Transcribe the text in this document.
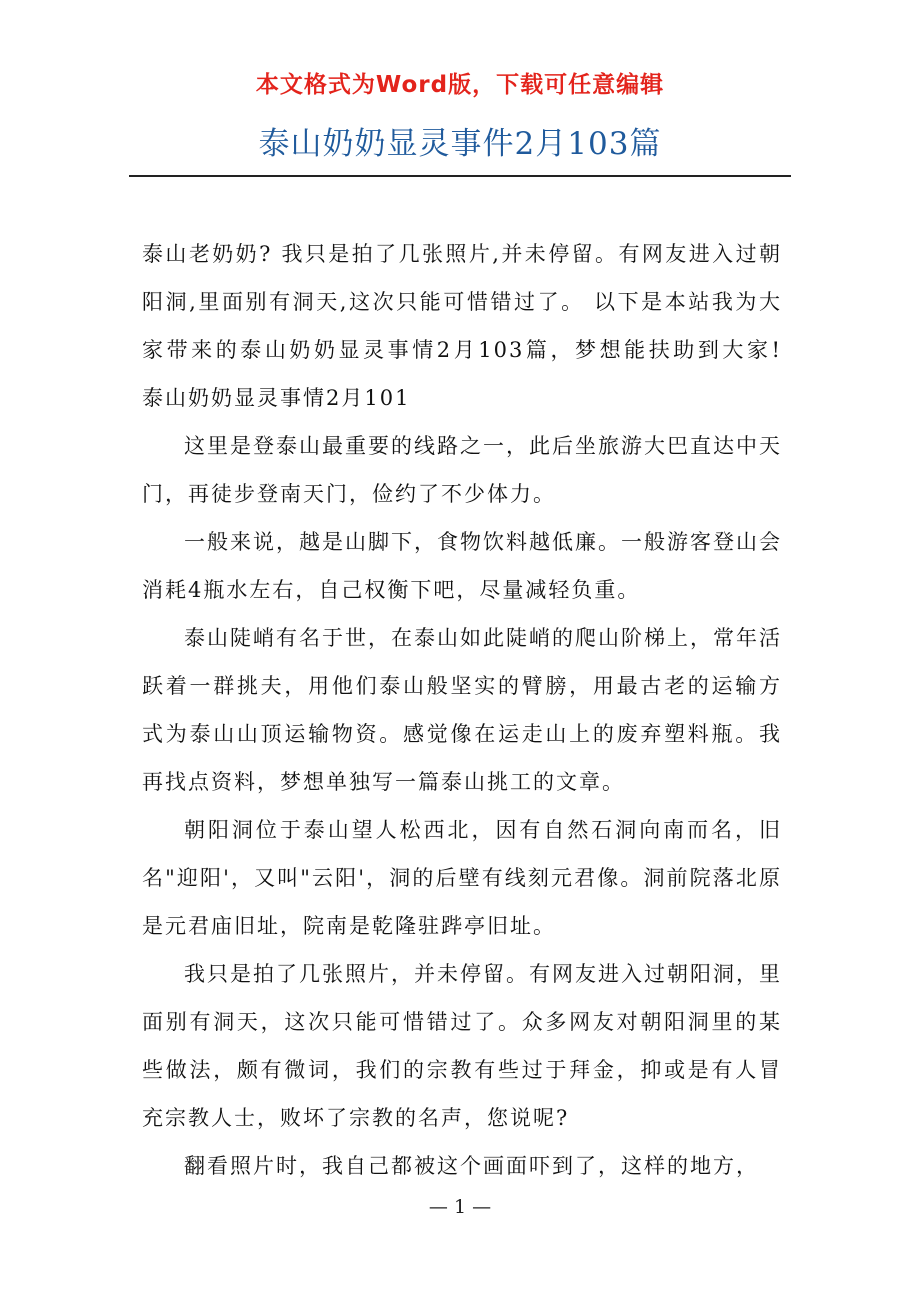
本文格式为Word版，下载可任意编辑
泰山奶奶显灵事件2月103篇

泰山老奶奶? 我只是拍了几张照片,并未停留。有网友进入过朝阳洞,里面别有洞天,这次只能可惜错过了。 以下是本站我为大家带来的泰山奶奶显灵事情2月103篇，梦想能扶助到大家!　　泰山奶奶显灵事情2月101

这里是登泰山最重要的线路之一，此后坐旅游大巴直达中天门，再徒步登南天门，俭约了不少体力。

一般来说，越是山脚下，食物饮料越低廉。一般游客登山会消耗4瓶水左右，自己权衡下吧，尽量减轻负重。

泰山陡峭有名于世，在泰山如此陡峭的爬山阶梯上，常年活跃着一群挑夫，用他们泰山般坚实的臂膀，用最古老的运输方式为泰山山顶运输物资。感觉像在运走山上的废弃塑料瓶。我再找点资料，梦想单独写一篇泰山挑工的文章。

朝阳洞位于泰山望人松西北，因有自然石洞向南而名，旧名"迎阳'，又叫"云阳'，洞的后壁有线刻元君像。洞前院落北原是元君庙旧址，院南是乾隆驻跸亭旧址。

我只是拍了几张照片，并未停留。有网友进入过朝阳洞，里面别有洞天，这次只能可惜错过了。众多网友对朝阳洞里的某些做法，颇有微词，我们的宗教有些过于拜金，抑或是有人冒充宗教人士，败坏了宗教的名声，您说呢?

翻看照片时，我自己都被这个画面吓到了，这样的地方，

— 1 —
